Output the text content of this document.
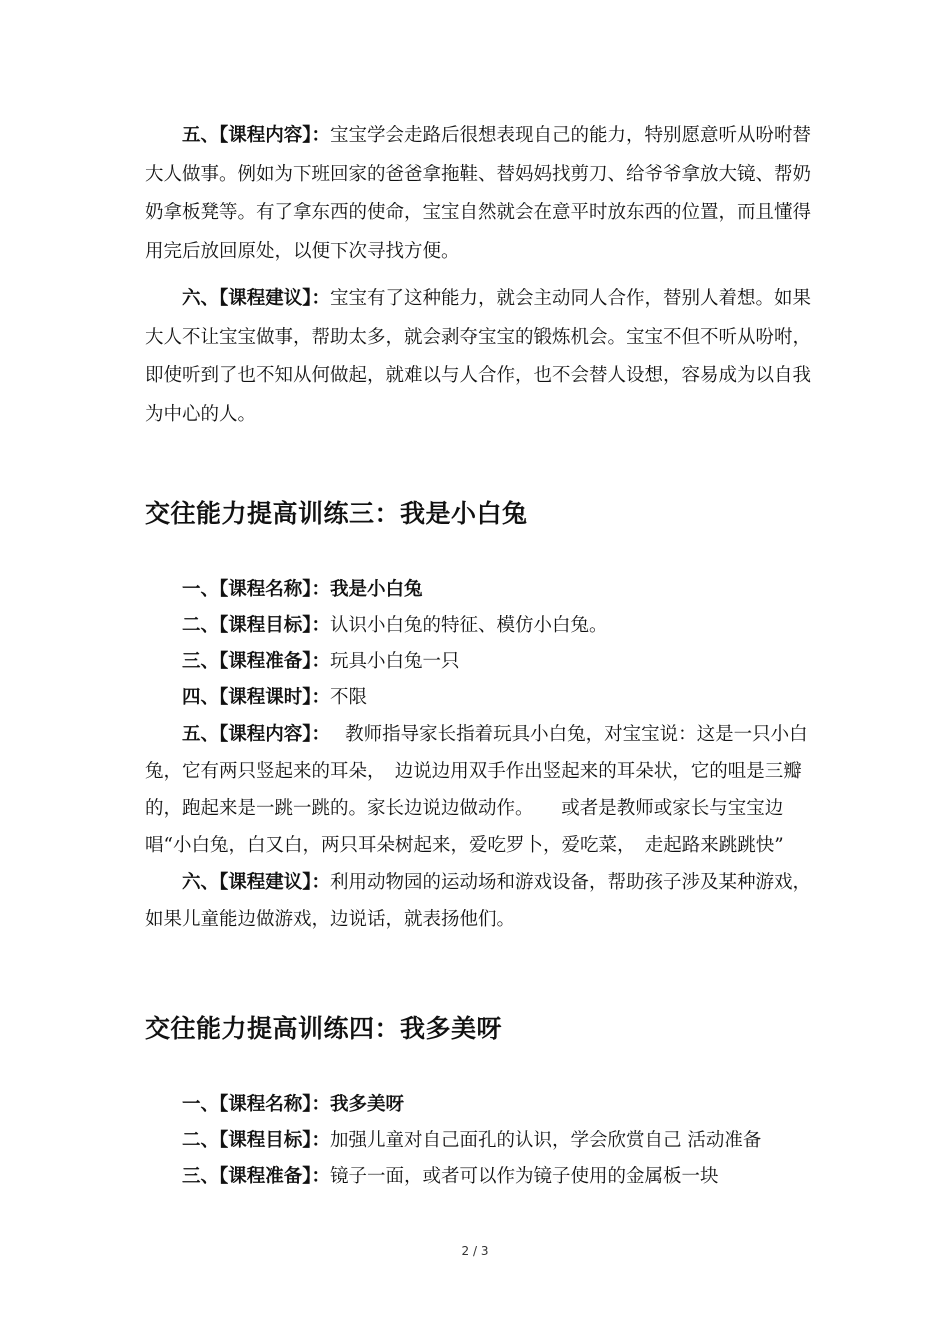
五、【课程内容】：宝宝学会走路后很想表现自己的能力，特别愿意听从吩咐替大人做事。例如为下班回家的爸爸拿拖鞋、替妈妈找剪刀、给爷爷拿放大镜、帮奶奶拿板凳等。有了拿东西的使命，宝宝自然就会在意平时放东西的位置，而且懂得用完后放回原处，以便下次寻找方便。

六、【课程建议】：宝宝有了这种能力，就会主动同人合作，替别人着想。如果大人不让宝宝做事，帮助太多，就会剥夺宝宝的锻炼机会。宝宝不但不听从吩咐，即使听到了也不知从何做起，就难以与人合作，也不会替人设想，容易成为以自我为中心的人。

交往能力提高训练三：我是小白兔

一、【课程名称】：我是小白兔

二、【课程目标】：认识小白兔的特征、模仿小白兔。

三、【课程准备】：玩具小白兔一只

四、【课程课时】：不限

五、【课程内容】：　 教师指导家长指着玩具小白兔，对宝宝说：这是一只小白兔，它有两只竖起来的耳朵，　边说边用双手作出竖起来的耳朵状，它的咀是三瓣的，跑起来是一跳一跳的。家长边说边做动作。　　或者是教师或家长与宝宝边唱“小白兔，白又白，两只耳朵树起来，爱吃罗卜，爱吃菜，　走起路来跳跳快”

六、【课程建议】：利用动物园的运动场和游戏设备，帮助孩子涉及某种游戏，如果儿童能边做游戏，边说话，就表扬他们。

交往能力提高训练四：我多美呀

一、【课程名称】：我多美呀

二、【课程目标】：加强儿童对自己面孔的认识，学会欣赏自己 活动准备

三、【课程准备】：镜子一面，或者可以作为镜子使用的金属板一块

2 / 3
